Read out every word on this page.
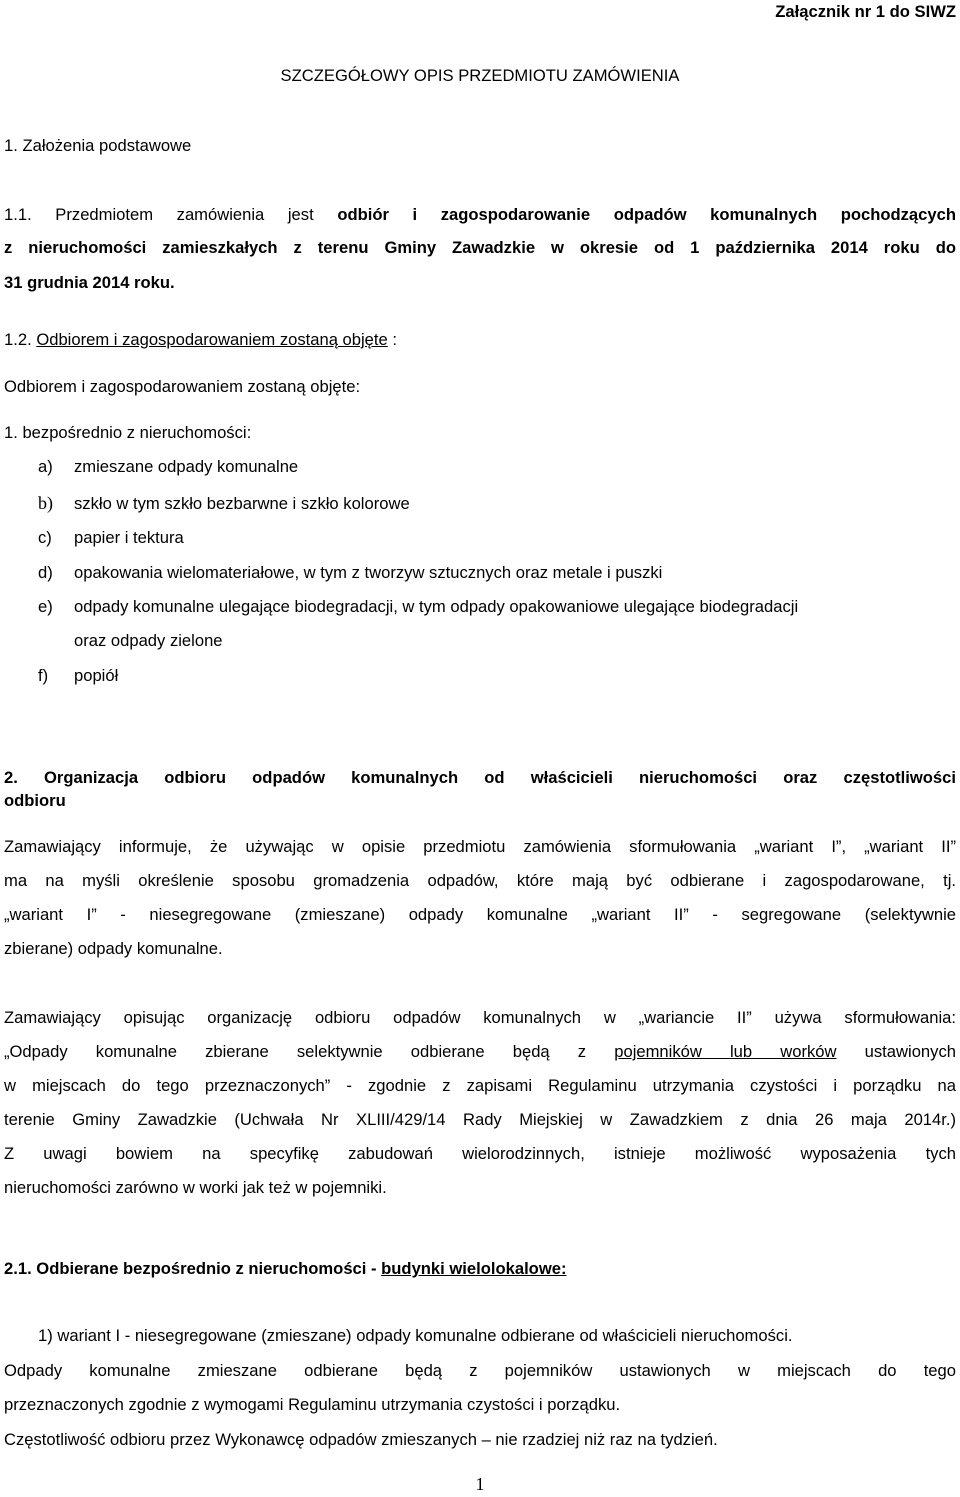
Załącznik nr 1 do SIWZ
SZCZEGÓŁOWY OPIS PRZEDMIOTU ZAMÓWIENIA
1. Założenia podstawowe
1.1. Przedmiotem zamówienia jest odbiór i zagospodarowanie odpadów komunalnych pochodzących
z nieruchomości zamieszkałych z terenu Gminy Zawadzkie w okresie od 1 października 2014 roku do
31 grudnia 2014 roku.
1.2. Odbiorem i zagospodarowaniem zostaną objęte :
Odbiorem i zagospodarowaniem zostaną objęte:
1. bezpośrednio z nieruchomości:
a) zmieszane odpady komunalne
b) szkło w tym szkło bezbarwne i szkło kolorowe
c) papier i tektura
d) opakowania wielomateriałowe, w tym z tworzyw sztucznych oraz metale i puszki
e) odpady komunalne ulegające biodegradacji, w tym odpady opakowaniowe ulegające biodegradacji
oraz odpady zielone
f) popiół
2. Organizacja odbioru odpadów komunalnych od właścicieli nieruchomości oraz częstotliwości
odbioru
Zamawiający informuje, że używając w opisie przedmiotu zamówienia sformułowania „wariant I”, „wariant II”
ma na myśli określenie sposobu gromadzenia odpadów, które mają być odbierane i zagospodarowane, tj.
„wariant I” - niesegregowane (zmieszane) odpady komunalne „wariant II” - segregowane (selektywnie
zbierane) odpady komunalne.
Zamawiający opisując organizację odbioru odpadów komunalnych w „wariancie II” używa sformułowania:
„Odpady komunalne zbierane selektywnie odbierane będą z pojemników lub worków ustawionych
w miejscach do tego przeznaczonych” - zgodnie z zapisami Regulaminu utrzymania czystości i porządku na
terenie Gminy Zawadzkie (Uchwała Nr XLIII/429/14 Rady Miejskiej w Zawadzkiem z dnia 26 maja 2014r.)
Z uwagi bowiem na specyfikę zabudowań wielorodzinnych, istnieje możliwość wyposażenia tych
nieruchomości zarówno w worki jak też w pojemniki.
2.1. Odbierane bezpośrednio z nieruchomości - budynki wielolokalowe:
1) wariant I - niesegregowane (zmieszane) odpady komunalne odbierane od właścicieli nieruchomości.
Odpady komunalne zmieszane odbierane będą z pojemników ustawionych w miejscach do tego
przeznaczonych zgodnie z wymogami Regulaminu utrzymania czystości i porządku.
Częstotliwość odbioru przez Wykonawcę odpadów zmieszanych – nie rzadziej niż raz na tydzień.
1
